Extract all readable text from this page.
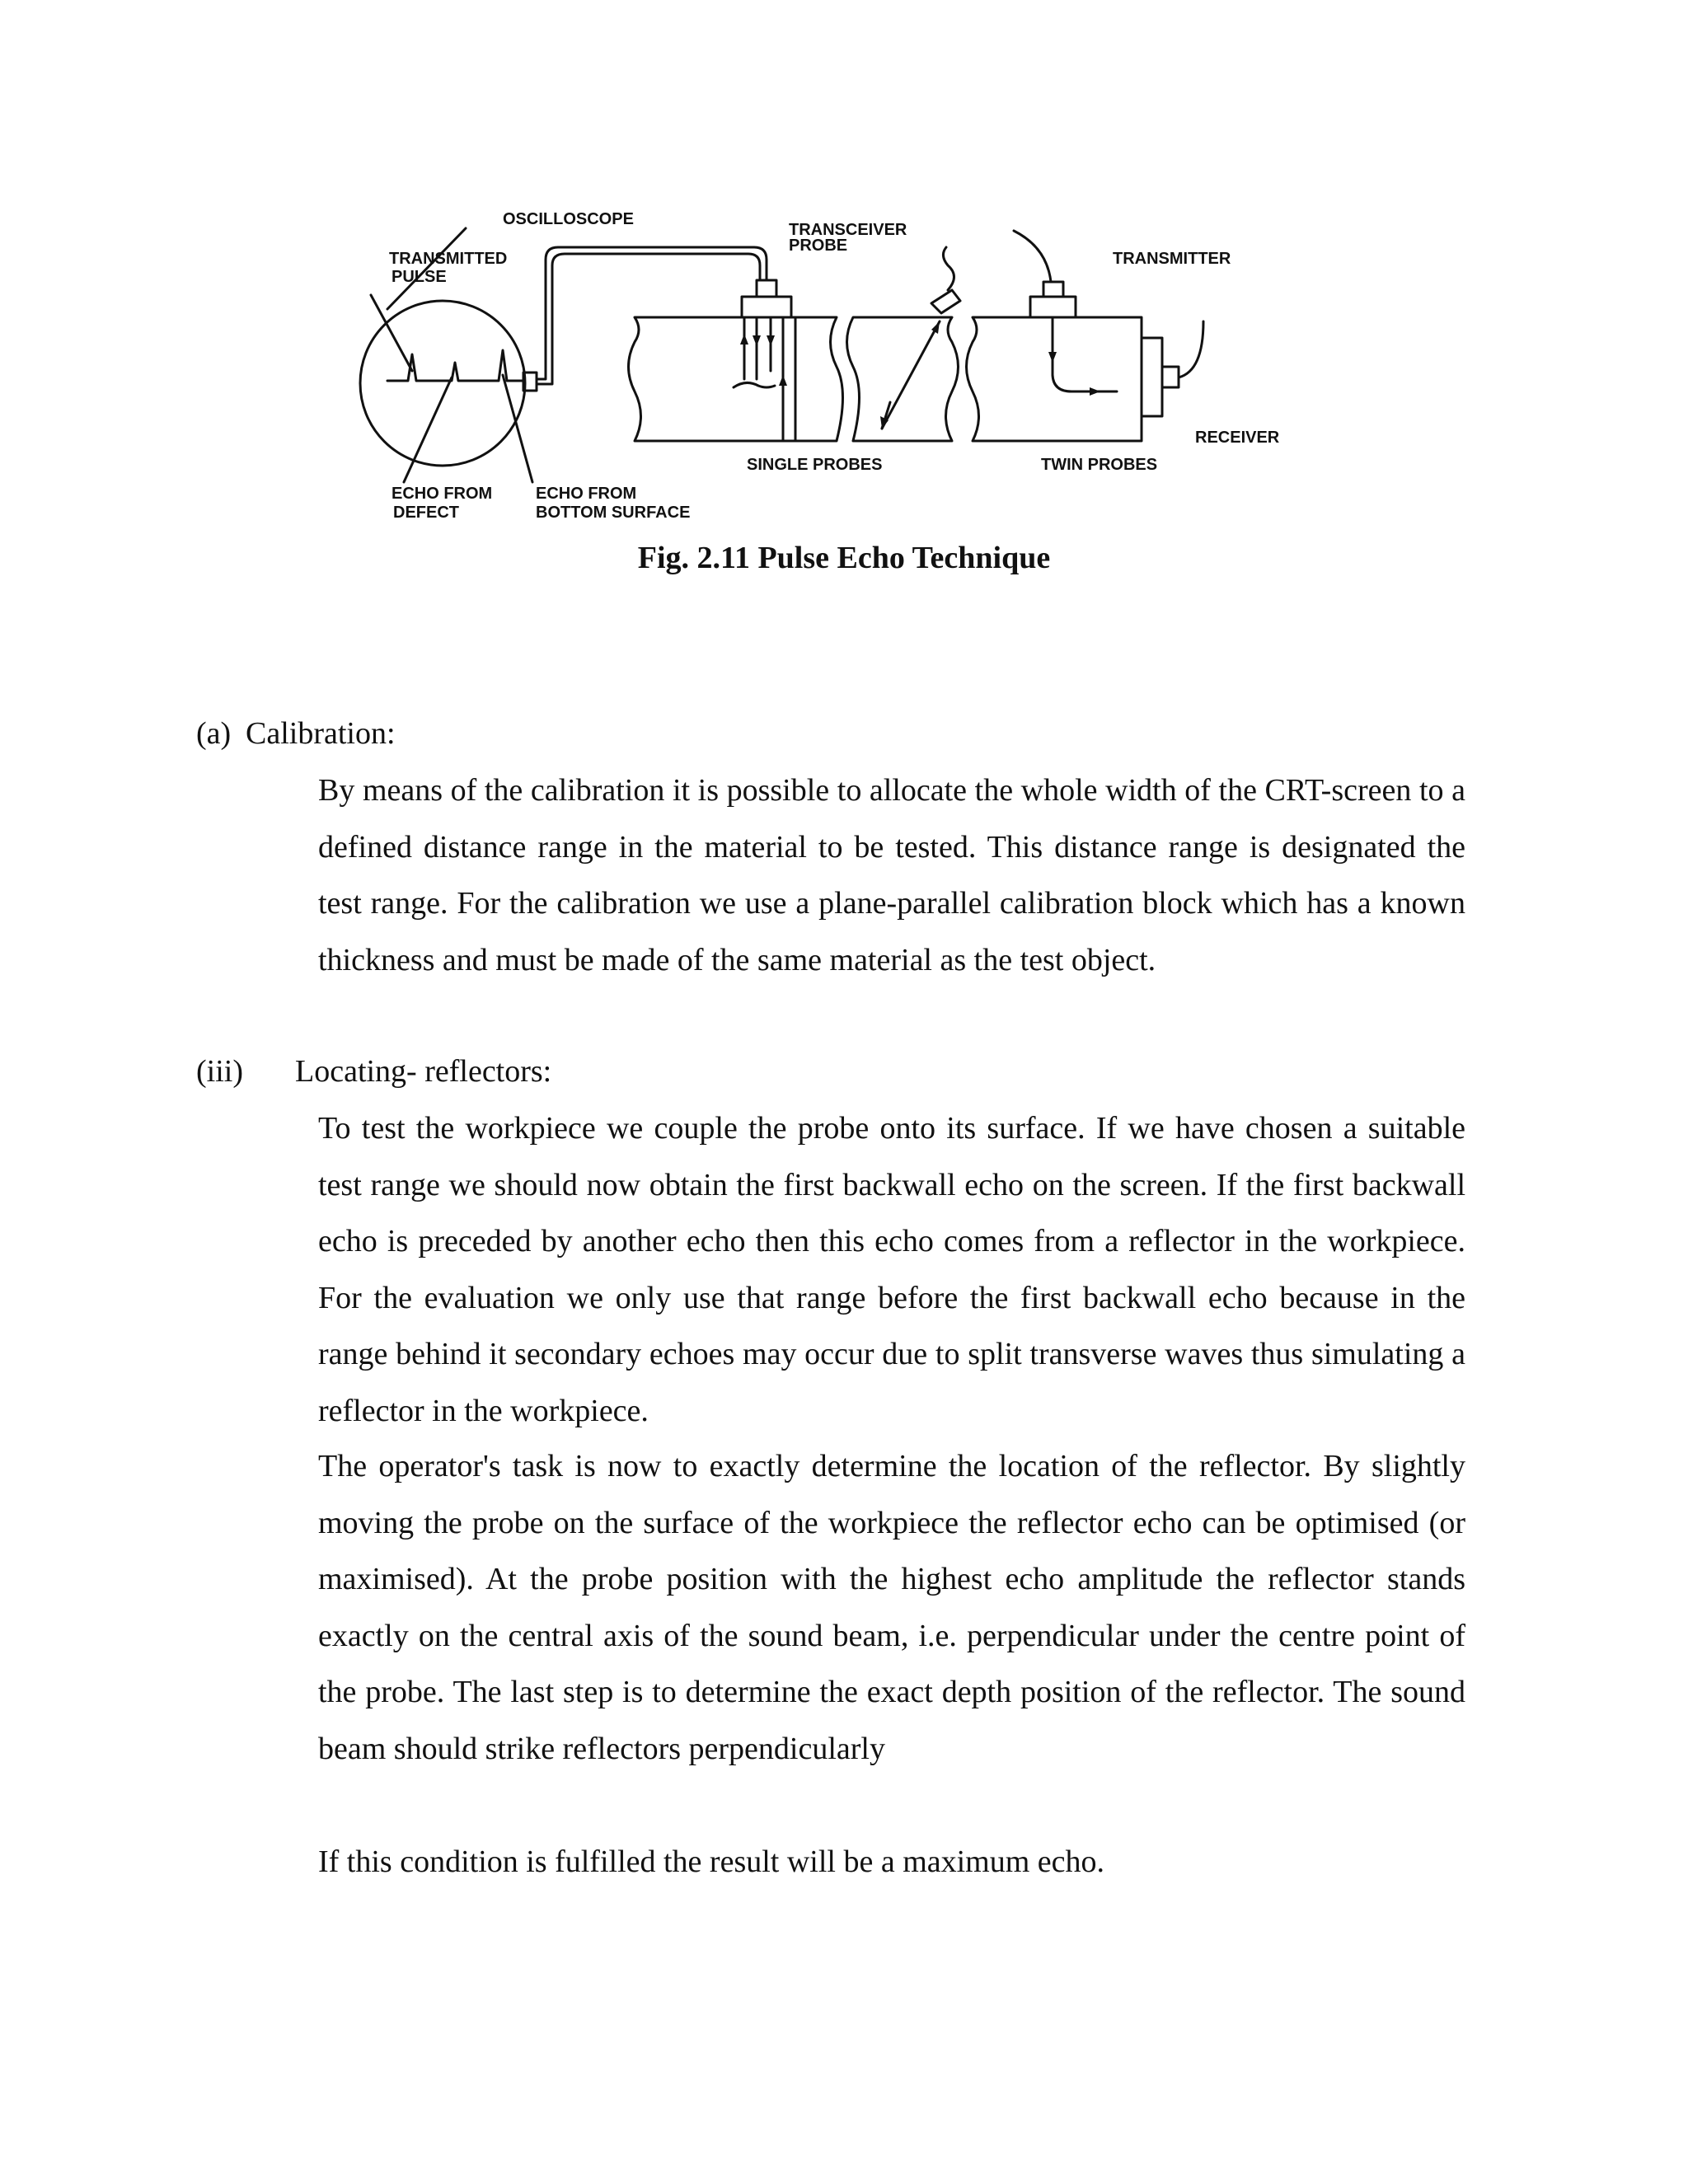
OSCILLOSCOPE
TRANSMITTED
PULSE
TRANSCEIVER
PROBE
TRANSMITTER
RECEIVER
SINGLE PROBES	TWIN PROBES
ECHO FROM
DEFECT
ECHO FROM
BOTTOM SURFACE
Fig. 2.11 Pulse Echo Technique
(a) Calibration:

By means of the calibration it is possible to allocate the whole width of the CRT-screen to a defined distance range in the material to be tested. This distance range is designated the test range. For the calibration we use a plane-parallel calibration block which has a known thickness and must be made of the same material as the test object.

(iii) Locating- reflectors:

To test the workpiece we couple the probe onto its surface. If we have chosen a suitable test range we should now obtain the first backwall echo on the screen. If the first backwall echo is preceded by another echo then this echo comes from a reflector in the workpiece. For the evaluation we only use that range before the first backwall echo because in the range behind it secondary echoes may occur due to split transverse waves thus simulating a reflector in the workpiece.

The operator's task is now to exactly determine the location of the reflector. By slightly moving the probe on the surface of the workpiece the reflector echo can be optimised (or maximised). At the probe position with the highest echo amplitude the reflector stands exactly on the central axis of the sound beam, i.e. perpendicular under the centre point of the probe. The last step is to determine the exact depth position of the reflector. The sound beam should strike reflectors perpendicularly

If this condition is fulfilled the result will be a maximum echo.
